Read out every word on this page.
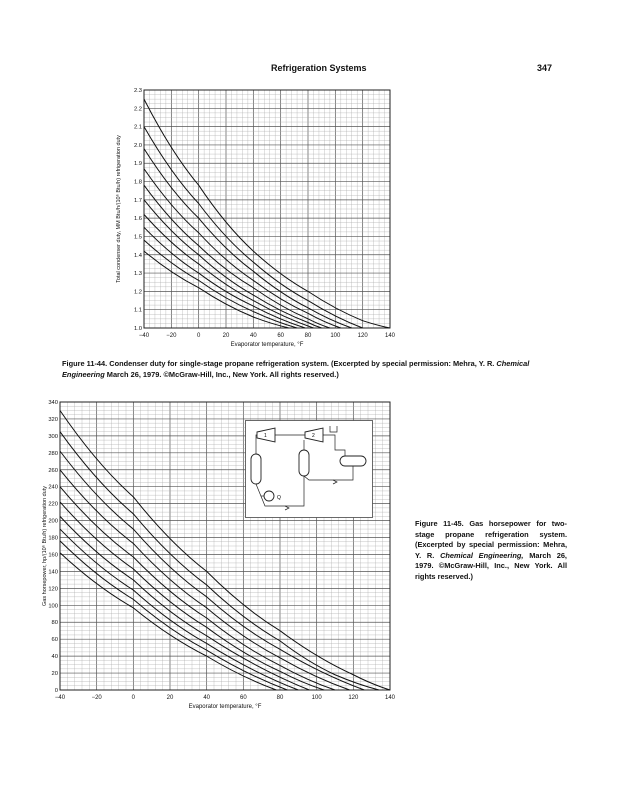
Refrigeration Systems	347
−40	−20	0	20	40	60	80	100	120	140
1.0
1.1
1.2
1.3
1.4
1.5
1.6
1.7
1.8
1.9
2.0
2.1
2.2
2.3
Evaporator temperature, °F
Total condenser duty, MM Btu/h/(10⁶ Btu/h) refrigeration duty
Figure 11-44. Condenser duty for single-stage propane refrigeration system. (Excerpted by special permission: Mehra, Y. R. Chemical Engineering March 26, 1979. ©McGraw-Hill, Inc., New York. All rights reserved.)
−40	−20	0	20	40	60	80	100	120	140
0
20
40
60
80
100
120
140
160
180
200
220
240
260
280
300
320
340
Evaporator temperature, °F
Gas horsepower, hp/(10⁶ Btu/h) refrigeration duty
1	2
Q
Figure 11-45. Gas horsepower for two-stage propane refrigeration system. (Excerpted by special permission: Mehra, Y. R. Chemical Engineering, March 26, 1979. ©McGraw-Hill, Inc., New York. All rights reserved.)
